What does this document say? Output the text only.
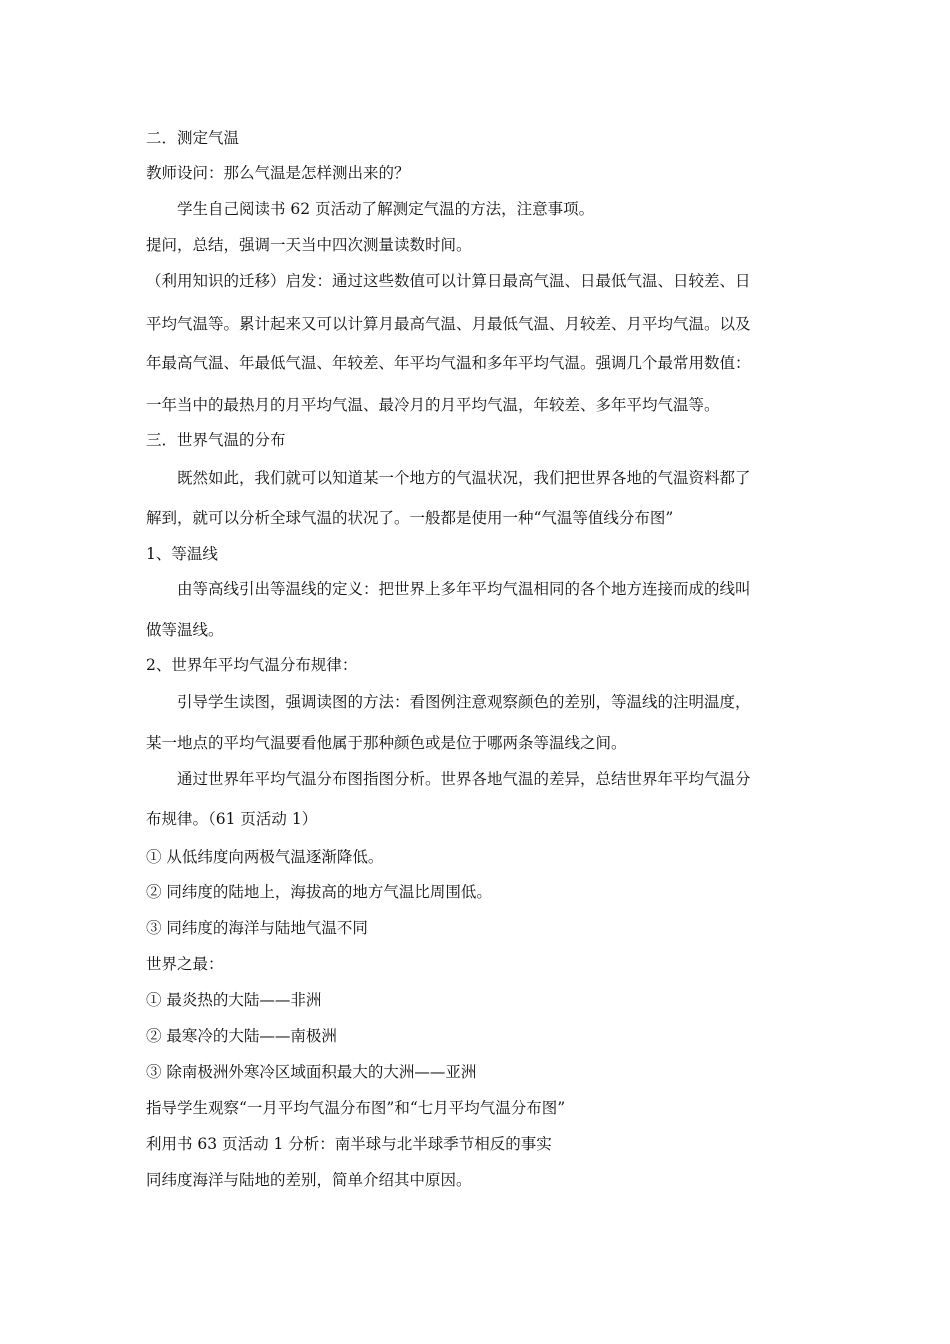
二．测定气温
教师设问：那么气温是怎样测出来的？
学生自己阅读书 62 页活动了解测定气温的方法，注意事项。
提问，总结，强调一天当中四次测量读数时间。
（利用知识的迁移）启发：通过这些数值可以计算日最高气温、日最低气温、日较差、日
平均气温等。累计起来又可以计算月最高气温、月最低气温、月较差、月平均气温。以及
年最高气温、年最低气温、年较差、年平均气温和多年平均气温。强调几个最常用数值：
一年当中的最热月的月平均气温、最冷月的月平均气温，年较差、多年平均气温等。
三．世界气温的分布
既然如此，我们就可以知道某一个地方的气温状况，我们把世界各地的气温资料都了
解到，就可以分析全球气温的状况了。一般都是使用一种“气温等值线分布图”
1、等温线
由等高线引出等温线的定义：把世界上多年平均气温相同的各个地方连接而成的线叫
做等温线。
2、世界年平均气温分布规律：
引导学生读图，强调读图的方法：看图例注意观察颜色的差别，等温线的注明温度，
某一地点的平均气温要看他属于那种颜色或是位于哪两条等温线之间。
通过世界年平均气温分布图指图分析。世界各地气温的差异，总结世界年平均气温分
布规律。（61 页活动 1）
① 从低纬度向两极气温逐渐降低。
② 同纬度的陆地上，海拔高的地方气温比周围低。
③ 同纬度的海洋与陆地气温不同
世界之最：
① 最炎热的大陆——非洲
② 最寒冷的大陆——南极洲
③ 除南极洲外寒冷区域面积最大的大洲——亚洲
指导学生观察“一月平均气温分布图”和“七月平均气温分布图”
利用书 63 页活动 1 分析：南半球与北半球季节相反的事实
同纬度海洋与陆地的差别，简单介绍其中原因。
